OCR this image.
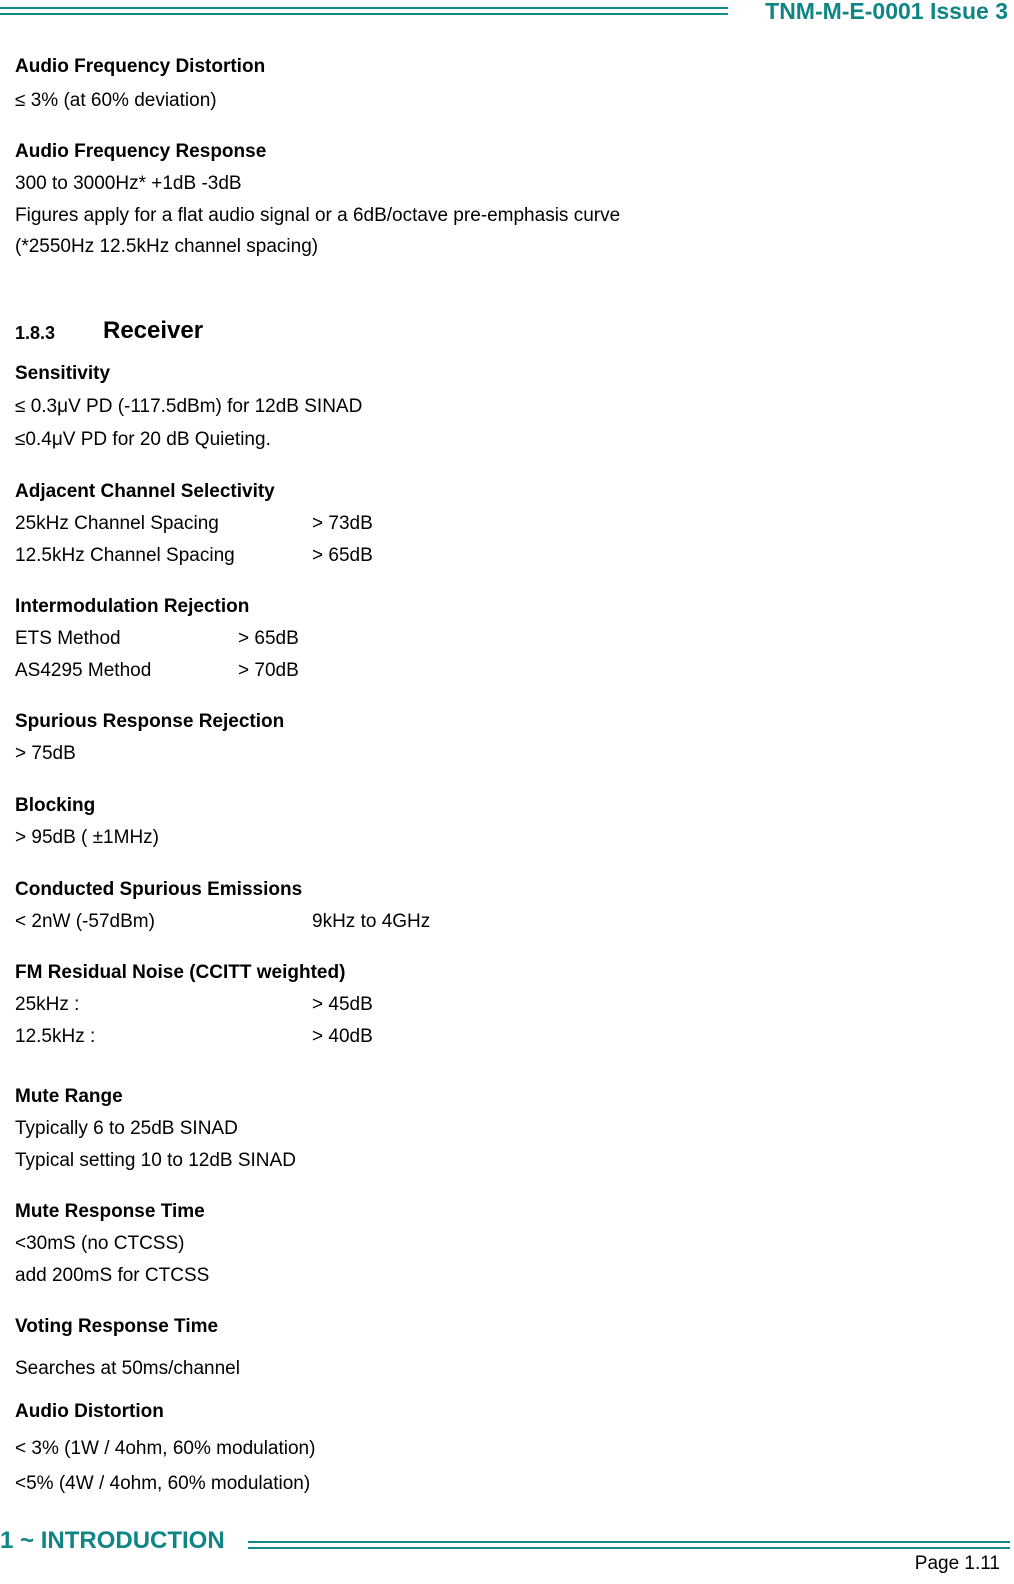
TNM-M-E-0001 Issue 3
Audio Frequency Distortion
≤ 3% (at 60% deviation)
Audio Frequency Response
300 to 3000Hz* +1dB -3dB
Figures apply for a flat audio signal or a 6dB/octave pre-emphasis curve
(*2550Hz 12.5kHz channel spacing)
1.8.3 Receiver
Sensitivity
≤ 0.3μV PD (-117.5dBm) for 12dB SINAD
≤0.4μV PD for 20 dB Quieting.
Adjacent Channel Selectivity
25kHz Channel Spacing	> 73dB
12.5kHz Channel Spacing	> 65dB
Intermodulation Rejection
ETS Method	> 65dB
AS4295 Method	> 70dB
Spurious Response Rejection
> 75dB
Blocking
> 95dB ( ±1MHz)
Conducted Spurious Emissions
< 2nW (-57dBm)	9kHz to 4GHz
FM Residual Noise (CCITT weighted)
25kHz :	> 45dB
12.5kHz :	> 40dB
Mute Range
Typically 6 to 25dB SINAD
Typical setting 10 to 12dB SINAD
Mute Response Time
<30mS (no CTCSS)
add 200mS for CTCSS
Voting Response Time
Searches at 50ms/channel
Audio Distortion
< 3% (1W / 4ohm, 60% modulation)
<5% (4W / 4ohm, 60% modulation)
1 ~ INTRODUCTION
Page 1.11
